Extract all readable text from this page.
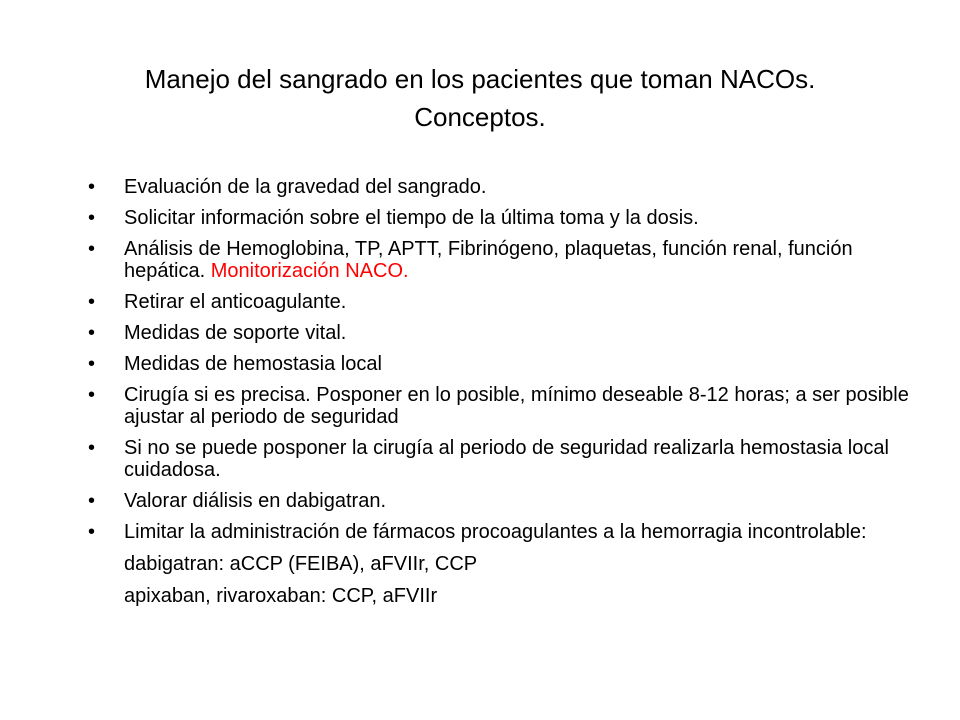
Manejo del sangrado en los pacientes que toman NACOs.
Conceptos.
• Evaluación de la gravedad del sangrado.
• Solicitar información sobre el tiempo de la última toma y la dosis.
• Análisis de Hemoglobina, TP, APTT, Fibrinógeno, plaquetas, función renal, función hepática. Monitorización NACO.
• Retirar el anticoagulante.
• Medidas de soporte vital.
• Medidas de hemostasia local
• Cirugía si es precisa. Posponer en lo posible, mínimo deseable 8-12 horas; a ser posible ajustar al periodo de seguridad
• Si no se puede posponer la cirugía al periodo de seguridad realizarla hemostasia local cuidadosa.
• Valorar diálisis en dabigatran.
• Limitar la administración de fármacos procoagulantes a la hemorragia incontrolable:
dabigatran: aCCP (FEIBA), aFVIIr, CCP
apixaban, rivaroxaban: CCP, aFVIIr
